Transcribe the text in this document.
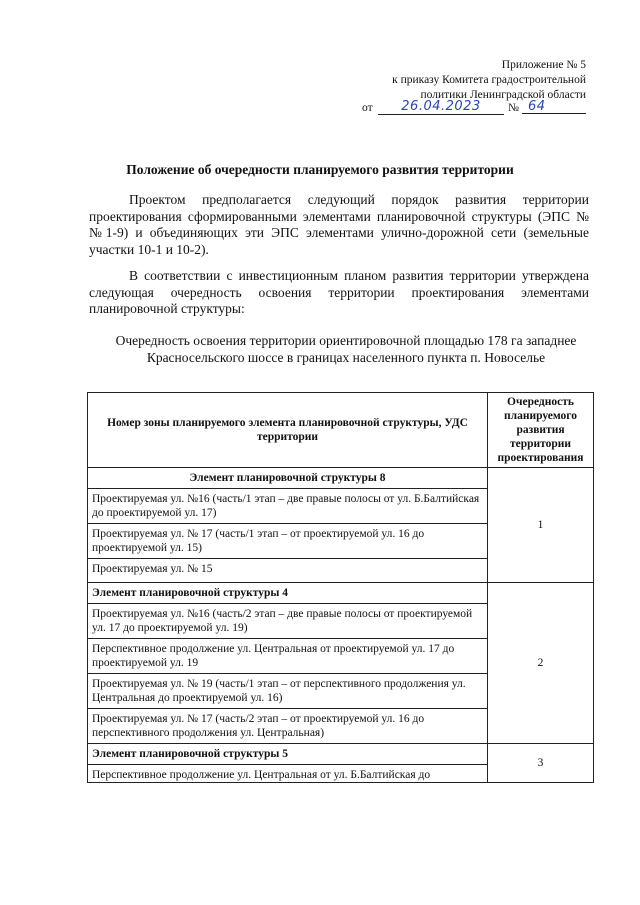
Приложение № 5
к приказу Комитета градостроительной
политики Ленинградской области
от	26.04.2023	№ 64
Положение об очередности планируемого развития территории

Проектом предполагается следующий порядок развития территории проектирования сформированными элементами планировочной структуры (ЭПС №№1-9) и объединяющих эти ЭПС элементами улично-дорожной сети (земельные участки 10-1 и 10-2).

В соответствии с инвестиционным планом развития территории утверждена следующая очередность освоения территории проектирования элементами планировочной структуры:

Очередность освоения территории ориентировочной площадью 178 га западнее Красносельского шоссе в границах населенного пункта п. Новоселье

Номер зоны планируемого элемента планировочной структуры, УДС территории	Очередность планируемого развития территории проектирования
Элемент планировочной структуры 8	1
Проектируемая ул. №16 (часть/1 этап – две правые полосы от ул. Б.Балтийская до проектируемой ул. 17)	
Проектируемая ул. № 17 (часть/1 этап – от проектируемой ул. 16 до проектируемой ул. 15)	
Проектируемая ул. № 15	
Элемент планировочной структуры 4	2
Проектируемая ул. №16 (часть/2 этап – две правые полосы от проектируемой ул. 17 до проектируемой ул. 19)	
Перспективное продолжение ул. Центральная от проектируемой ул. 17 до проектируемой ул. 19	
Проектируемая ул. № 19 (часть/1 этап – от перспективного продолжения ул. Центральная до проектируемой ул. 16)	
Проектируемая ул. № 17 (часть/2 этап – от проектируемой ул. 16 до перспективного продолжения ул. Центральная)	
Элемент планировочной структуры 5	3
Перспективное продолжение ул. Центральная от ул. Б.Балтийская до	
